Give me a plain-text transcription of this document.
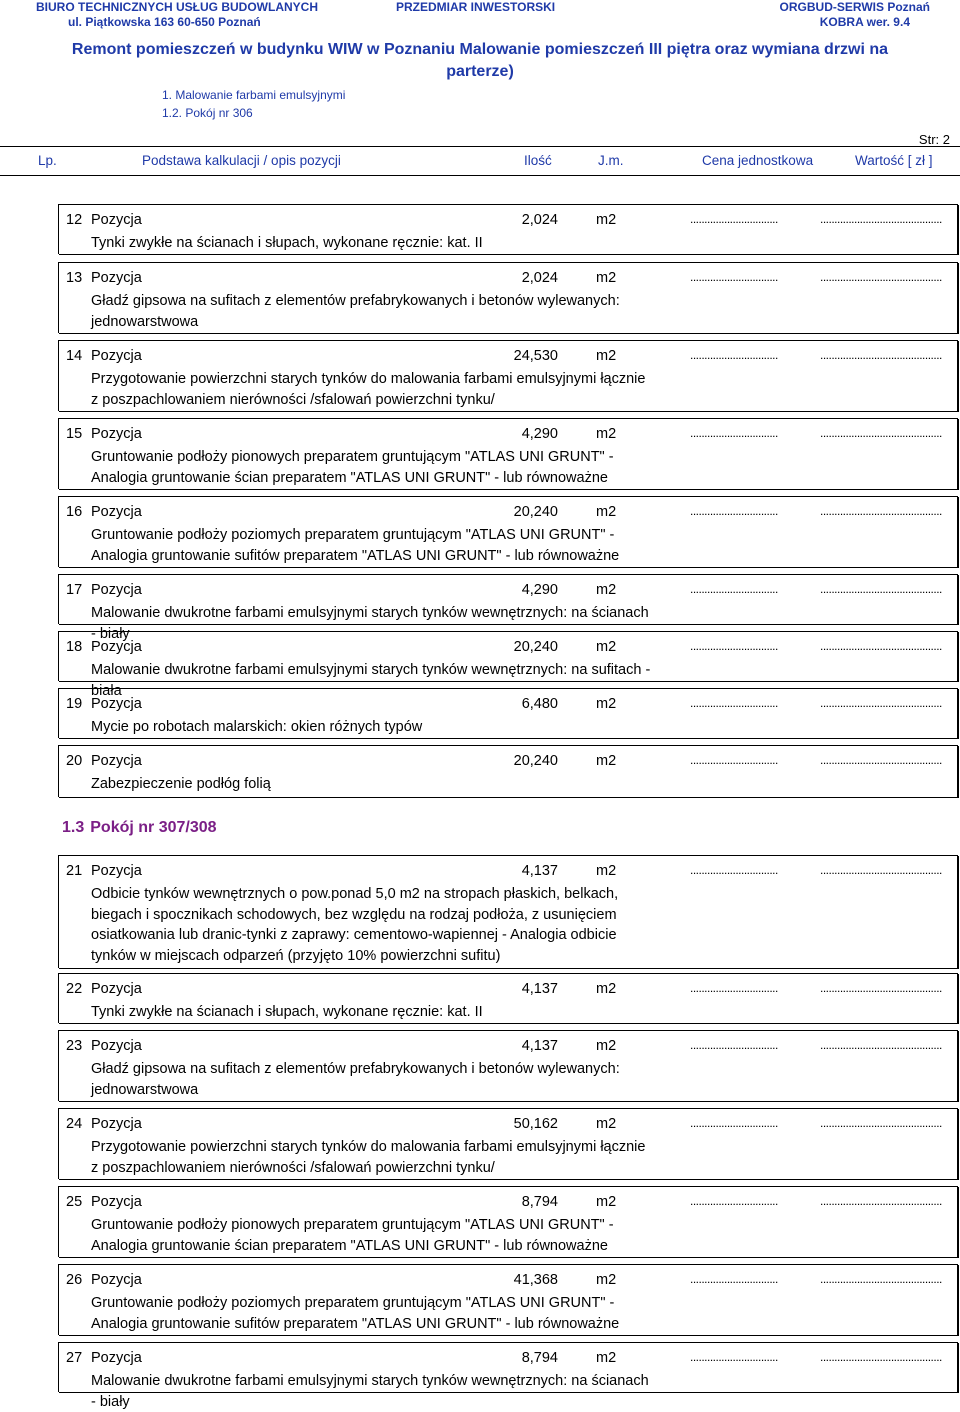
BIURO TECHNICZNYCH USŁUG BUDOWLANYCH
ul. Piątkowska 163 60-650 Poznań
PRZEDMIAR INWESTORSKI	ORGBUD-SERWIS Poznań
KOBRA wer. 9.4
Remont pomieszczeń w budynku WIW w Poznaniu Malowanie pomieszczeń III piętra oraz wymiana drzwi na parterze)
1. Malowanie farbami emulsyjnymi
1.2. Pokój nr 306
Str: 2
Lp.	Podstawa kalkulacji / opis pozycji	Ilość	J.m.	Cena jednostkowa	Wartość [ zł ]
12 Pozycja	2,024	m2	...............................	...........................................
Tynki zwykłe na ścianach i słupach, wykonane ręcznie: kat. II
13 Pozycja	2,024	m2	...............................	...........................................
Gładź gipsowa na sufitach z elementów prefabrykowanych i betonów wylewanych: jednowarstwowa
14 Pozycja	24,530	m2	...............................	...........................................
Przygotowanie powierzchni starych tynków do malowania farbami emulsyjnymi łącznie z poszpachlowaniem nierówności /sfalowań powierzchni tynku/
15 Pozycja	4,290	m2	...............................	...........................................
Gruntowanie podłoży pionowych preparatem gruntującym "ATLAS UNI GRUNT" - Analogia gruntowanie ścian preparatem "ATLAS UNI GRUNT" - lub równoważne
16 Pozycja	20,240	m2	...............................	...........................................
Gruntowanie podłoży poziomych preparatem gruntującym "ATLAS UNI GRUNT" - Analogia gruntowanie sufitów preparatem "ATLAS UNI GRUNT" - lub równoważne
17 Pozycja	4,290	m2	...............................	...........................................
Malowanie dwukrotne farbami emulsyjnymi starych tynków wewnętrznych: na ścianach - biały
18 Pozycja	20,240	m2	...............................	...........................................
Malowanie dwukrotne farbami emulsyjnymi starych tynków wewnętrznych: na sufitach - biała
19 Pozycja	6,480	m2	...............................	...........................................
Mycie po robotach malarskich: okien różnych typów
20 Pozycja	20,240	m2	...............................	...........................................
Zabezpieczenie podłóg folią
1.3 Pokój nr 307/308
21 Pozycja	4,137	m2	...............................	...........................................
Odbicie tynków wewnętrznych o pow.ponad 5,0 m2 na stropach płaskich, belkach, biegach i spocznikach schodowych, bez względu na rodzaj podłoża, z usunięciem osiatkowania lub dranic-tynki z zaprawy: cementowo-wapiennej - Analogia odbicie tynków w miejscach odparzeń (przyjęto 10% powierzchni sufitu)
22 Pozycja	4,137	m2	...............................	...........................................
Tynki zwykłe na ścianach i słupach, wykonane ręcznie: kat. II
23 Pozycja	4,137	m2	...............................	...........................................
Gładź gipsowa na sufitach z elementów prefabrykowanych i betonów wylewanych: jednowarstwowa
24 Pozycja	50,162	m2	...............................	...........................................
Przygotowanie powierzchni starych tynków do malowania farbami emulsyjnymi łącznie z poszpachlowaniem nierówności /sfalowań powierzchni tynku/
25 Pozycja	8,794	m2	...............................	...........................................
Gruntowanie podłoży pionowych preparatem gruntującym "ATLAS UNI GRUNT" - Analogia gruntowanie ścian preparatem "ATLAS UNI GRUNT" - lub równoważne
26 Pozycja	41,368	m2	...............................	...........................................
Gruntowanie podłoży poziomych preparatem gruntującym "ATLAS UNI GRUNT" - Analogia gruntowanie sufitów preparatem "ATLAS UNI GRUNT" - lub równoważne
27 Pozycja	8,794	m2	...............................	...........................................
Malowanie dwukrotne farbami emulsyjnymi starych tynków wewnętrznych: na ścianach - biały
